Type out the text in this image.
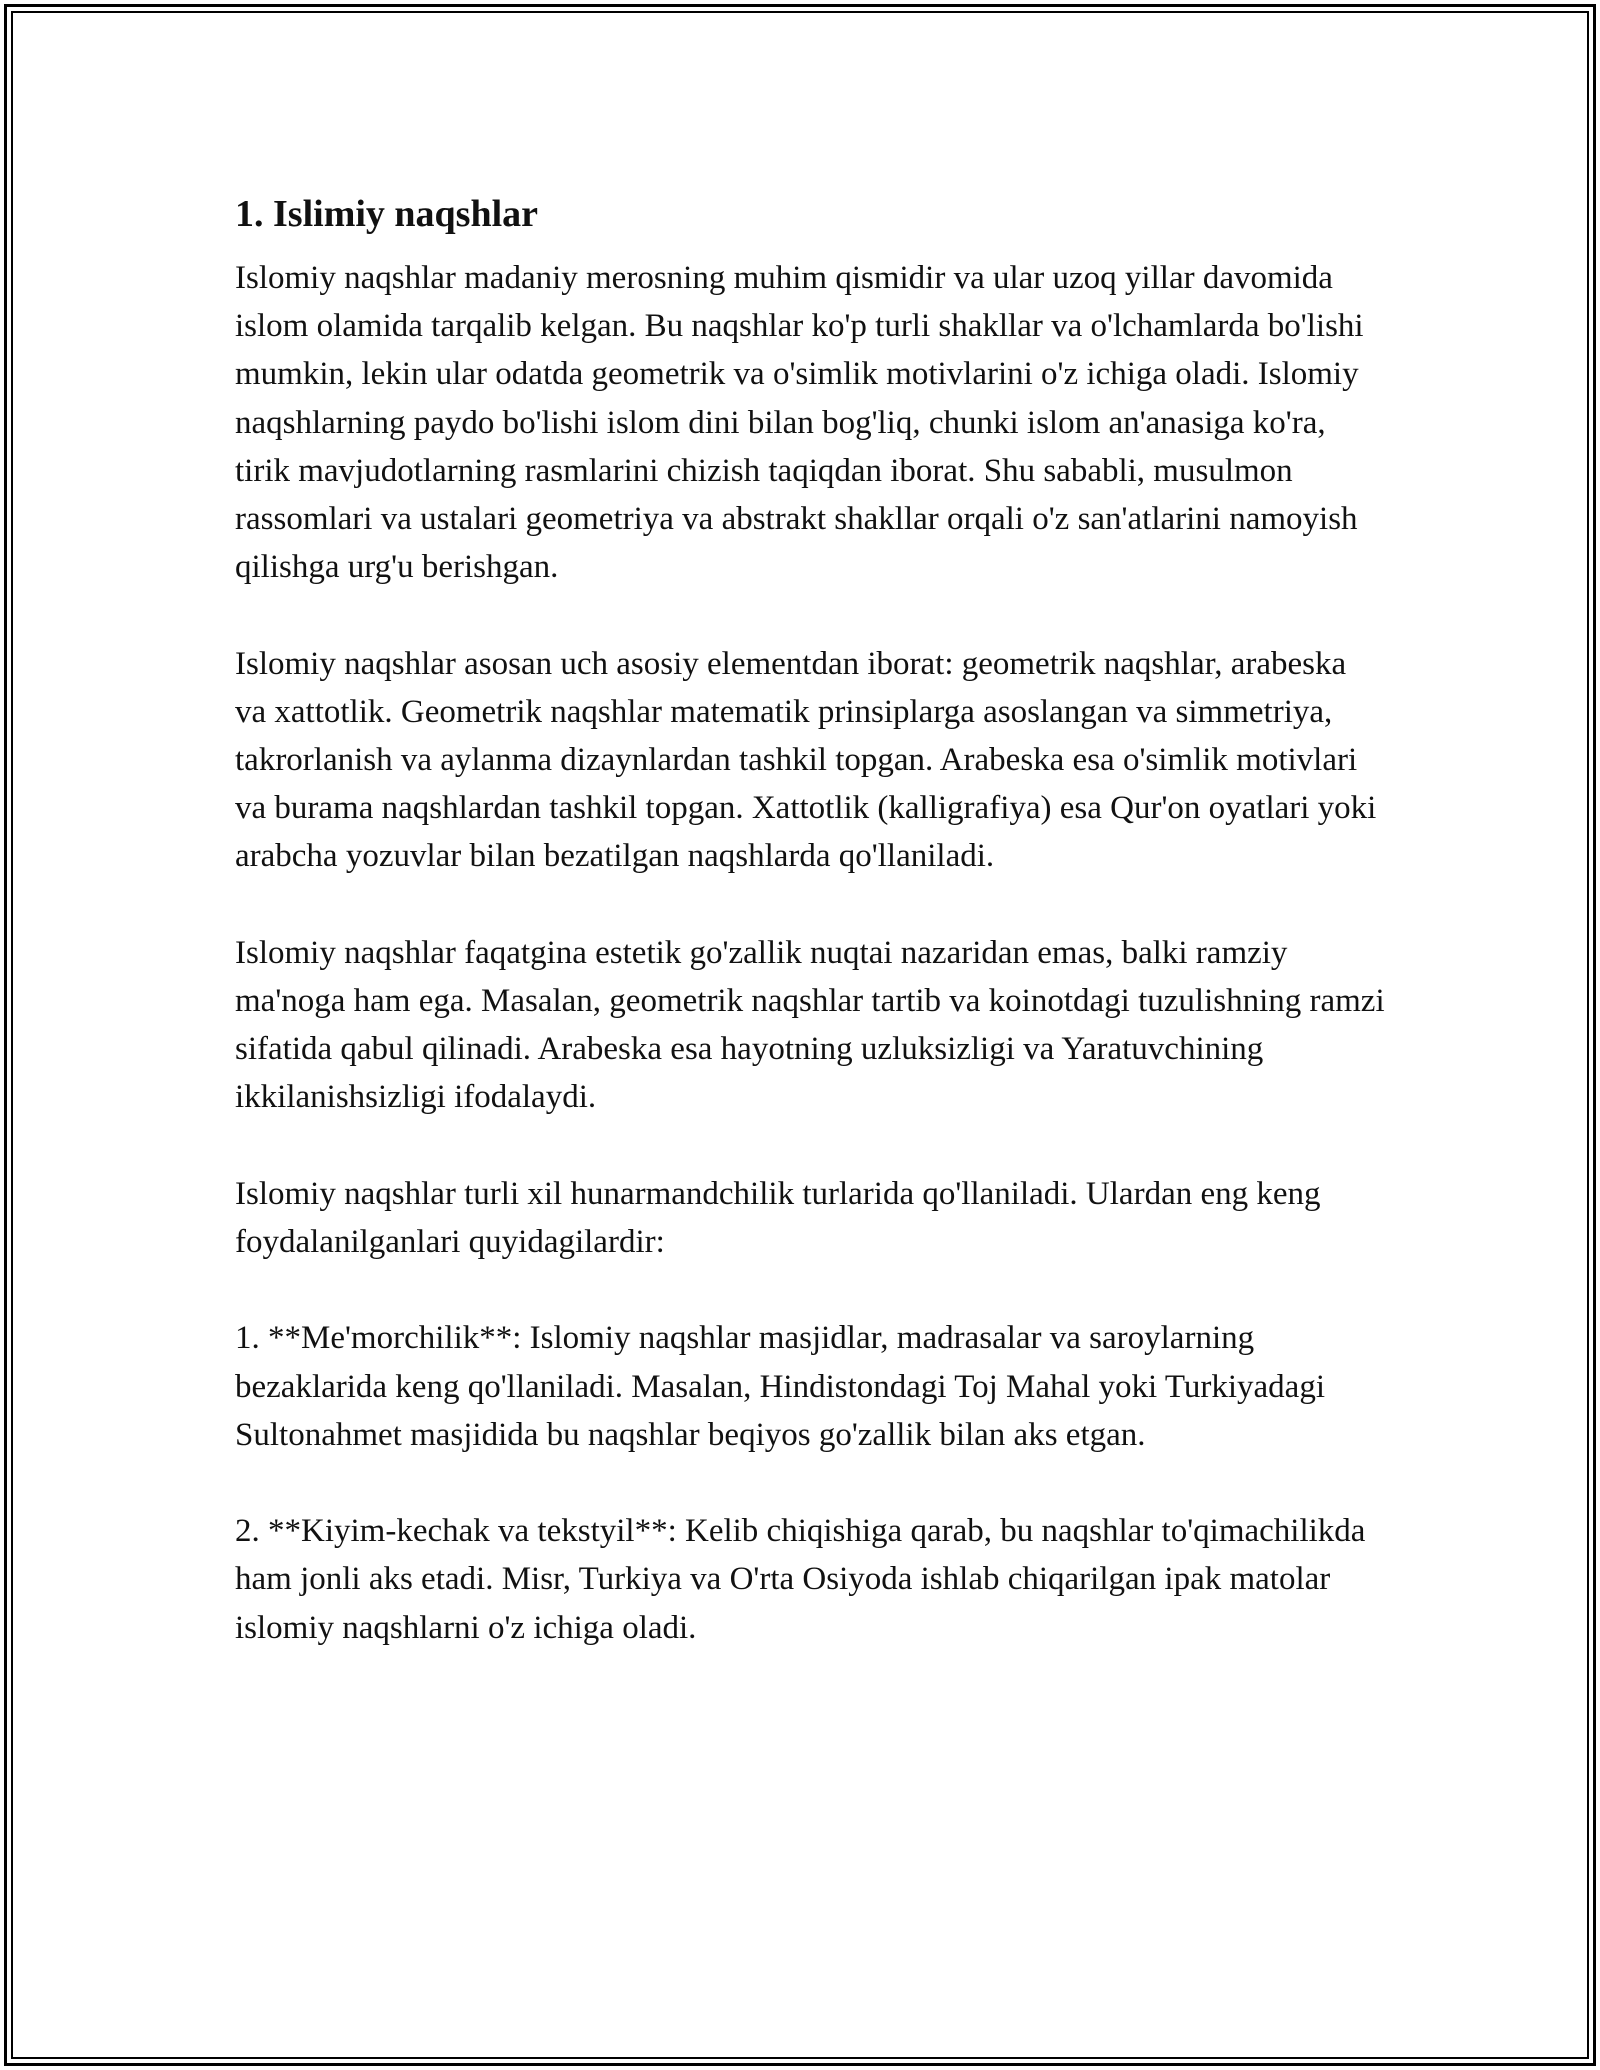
1. Islimiy naqshlar

Islomiy naqshlar madaniy merosning muhim qismidir va ular uzoq yillar davomida islom olamida tarqalib kelgan. Bu naqshlar ko'p turli shakllar va o'lchamlarda bo'lishi mumkin, lekin ular odatda geometrik va o'simlik motivlarini o'z ichiga oladi. Islomiy naqshlarning paydo bo'lishi islom dini bilan bog'liq, chunki islom an'anasiga ko'ra, tirik mavjudotlarning rasmlarini chizish taqiqdan iborat. Shu sababli, musulmon rassomlari va ustalari geometriya va abstrakt shakllar orqali o'z san'atlarini namoyish qilishga urg'u berishgan.

Islomiy naqshlar asosan uch asosiy elementdan iborat: geometrik naqshlar, arabeska va xattotlik. Geometrik naqshlar matematik prinsiplarga asoslangan va simmetriya, takrorlanish va aylanma dizaynlardan tashkil topgan. Arabeska esa o'simlik motivlari va burama naqshlardan tashkil topgan. Xattotlik (kalligrafiya) esa Qur'on oyatlari yoki arabcha yozuvlar bilan bezatilgan naqshlarda qo'llaniladi.

Islomiy naqshlar faqatgina estetik go'zallik nuqtai nazaridan emas, balki ramziy ma'noga ham ega. Masalan, geometrik naqshlar tartib va koinotdagi tuzulishning ramzi sifatida qabul qilinadi. Arabeska esa hayotning uzluksizligi va Yaratuvchining ikkilanishsizligi ifodalaydi.

Islomiy naqshlar turli xil hunarmandchilik turlarida qo'llaniladi. Ulardan eng keng foydalanilganlari quyidagilardir:

1. **Me'morchilik**: Islomiy naqshlar masjidlar, madrasalar va saroylarning bezaklarida keng qo'llaniladi. Masalan, Hindistondagi Toj Mahal yoki Turkiyadagi Sultonahmet masjidida bu naqshlar beqiyos go'zallik bilan aks etgan.

2. **Kiyim-kechak va tekstyil**: Kelib chiqishiga qarab, bu naqshlar to'qimachilikda ham jonli aks etadi. Misr, Turkiya va O'rta Osiyoda ishlab chiqarilgan ipak matolar islomiy naqshlarni o'z ichiga oladi.
